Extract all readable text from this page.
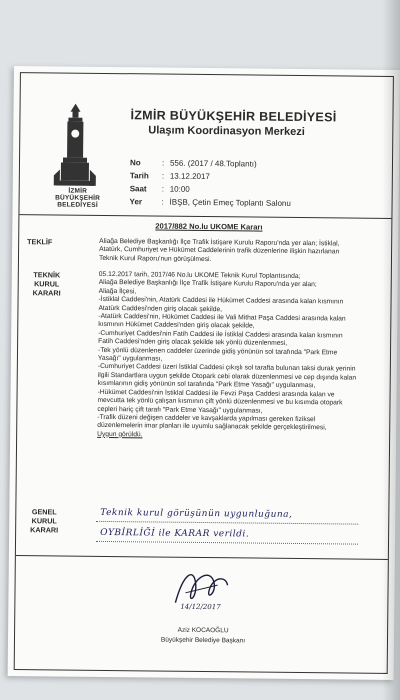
İZMİR
BÜYÜKŞEHİR
BELEDİYESİ
İZMİR BÜYÜKŞEHİR BELEDİYESİ
Ulaşım Koordinasyon Merkezi
No	: 556. (2017 / 48.Toplantı)
Tarih : 13.12.2017
Saat : 10:00
Yer : İBŞB, Çetin Emeç Toplantı Salonu
2017/882 No.lu UKOME Kararı
TEKLİF	Aliağa Belediye Başkanlığı İlçe Trafik İstişare Kurulu Raporu'nda yer alan; İstiklal, Atatürk, Cumhuriyet ve Hükümet Caddelerinin trafik düzenlerine ilişkin hazırlanan Teknik Kurul Raporu'nun görüşülmesi.
TEKNİK
KURUL
KARARI

05.12.2017 tarih, 2017/46 No.lu UKOME Teknik Kurul Toplantısında;

Aliağa Belediye Başkanlığı İlçe Trafik İstişare Kurulu Raporu'nda yer alan;

Aliağa İlçesi,

-İstiklal Caddesi'nin, Atatürk Caddesi ile Hükümet Caddesi arasında kalan kısmının Atatürk Caddesi'nden giriş olacak şekilde,

-Atatürk Caddesi'nin, Hükümet Caddesi ile Vali Mithat Paşa Caddesi arasında kalan kısmının Hükümet Caddesi'nden giriş olacak şekilde,

-Cumhuriyet Caddesi'nin Fatih Caddesi ile İstiklal Caddesi arasında kalan kısmının Fatih Caddesi'nden giriş olacak şekilde tek yönlü düzenlenmesi,

-Tek yönlü düzenlenen caddeler üzerinde gidiş yönünün sol tarafında "Park Etme Yasağı" uygulanması,

-Cumhuriyet Caddesi üzeri İstiklal Caddesi çıkışlı sol tarafta bulunan taksi durak yerinin ilgili Standartlara uygun şekilde Otopark cebi olarak düzenlenmesi ve cep dışında kalan kısımlarının gidiş yönünün sol tarafında "Park Etme Yasağı" uygulanması,

-Hükümet Caddesi'nin İstiklal Caddesi ile Fevzi Paşa Caddesi arasında kalan ve mevcutta tek yönlü çalışan kısmının çift yönlü düzenlenmesi ve bu kısımda otopark cepleri hariç çift tarafı "Park Etme Yasağı" uygulanması,

-Trafik düzeni değişen caddeler ve kavşaklarda yapılması gereken fiziksel düzenlemelerin imar planları ile uyumlu sağlanacak şekilde gerçekleştirilmesi,

Uygun görüldü.

GENEL
KURUL
KARARI
Teknik kurul görüşünün uygunluğuna,
OYBİRLİĞİ ile KARAR verildi.
14/12/2017
Aziz KOCAOĞLU
Büyükşehir Belediye Başkanı
